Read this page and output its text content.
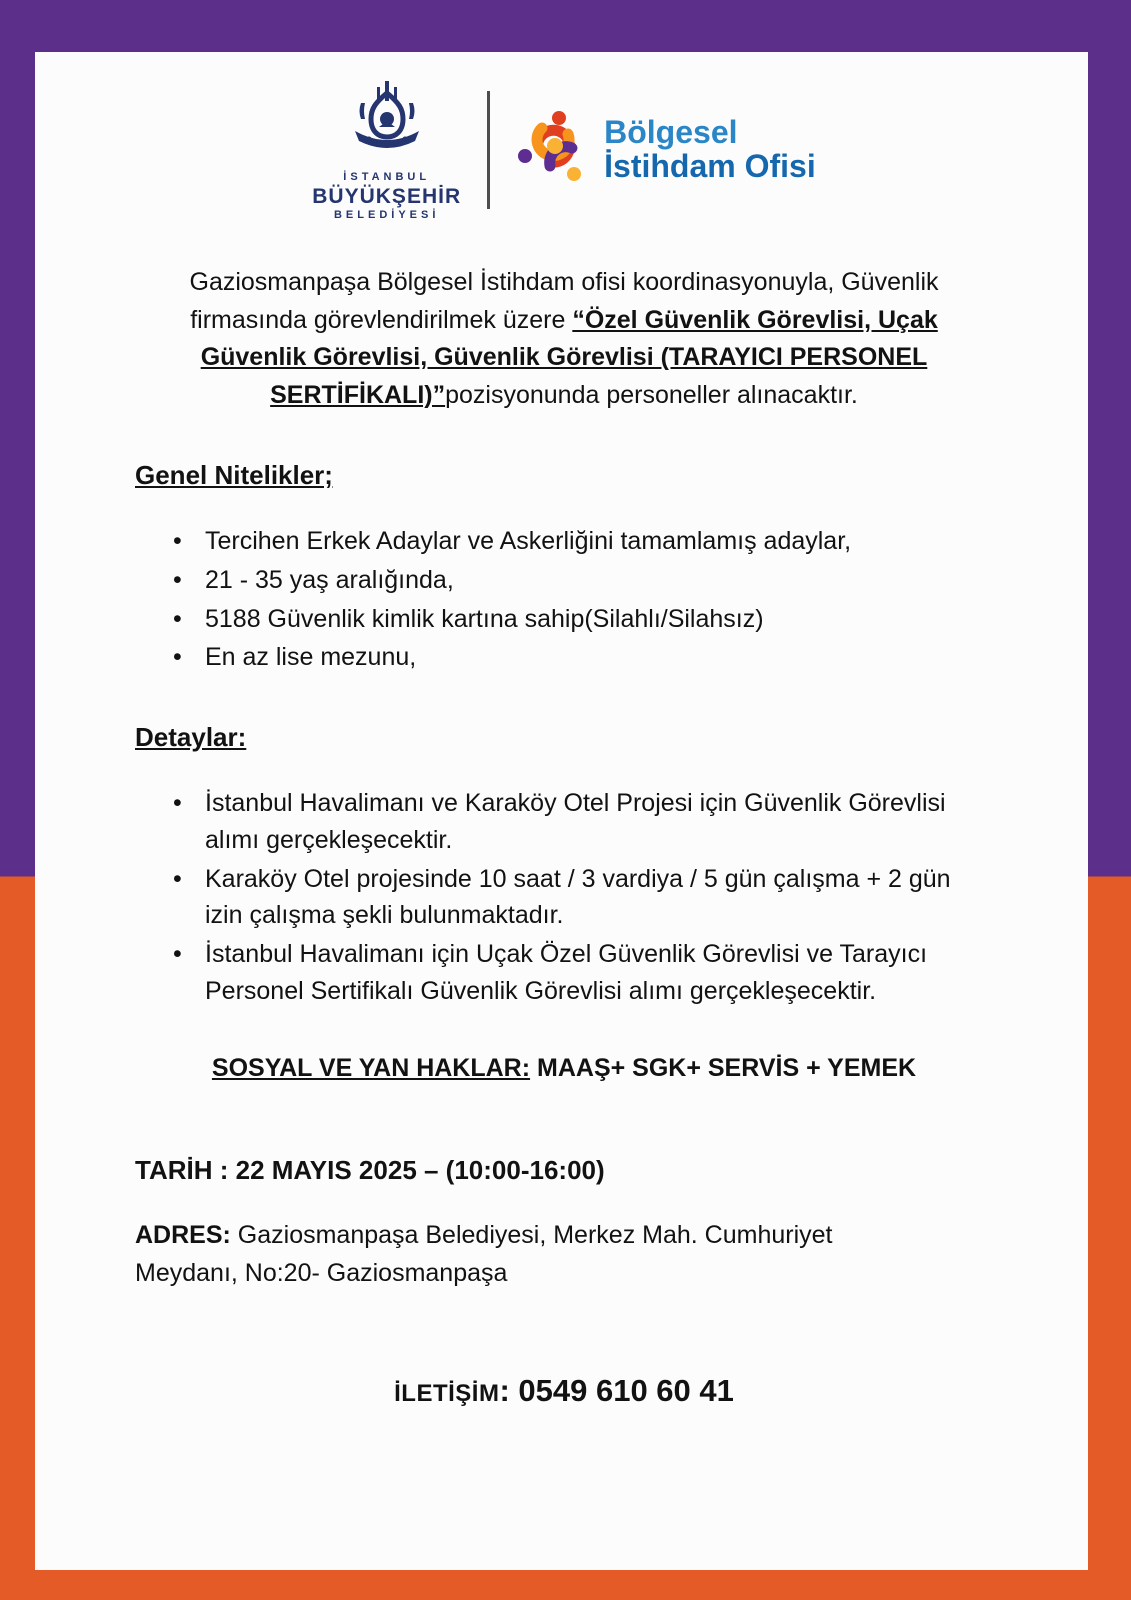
İSTANBUL
BÜYÜKŞEHİR
BELEDİYESİ
Bölgesel
İstihdam Ofisi

Gaziosmanpaşa Bölgesel İstihdam ofisi koordinasyonuyla, Güvenlik firmasında görevlendirilmek üzere “Özel Güvenlik Görevlisi, Uçak Güvenlik Görevlisi, Güvenlik Görevlisi (TARAYICI PERSONEL SERTİFİKALI)”pozisyonunda personeller alınacaktır.

Genel Nitelikler;
• Tercihen Erkek Adaylar ve Askerliğini tamamlamış adaylar,
• 21 - 35 yaş aralığında,
• 5188 Güvenlik kimlik kartına sahip(Silahlı/Silahsız)
• En az lise mezunu,
Detaylar:
• İstanbul Havalimanı ve Karaköy Otel Projesi için Güvenlik Görevlisi alımı gerçekleşecektir.
• Karaköy Otel projesinde 10 saat / 3 vardiya / 5 gün çalışma + 2 gün izin çalışma şekli bulunmaktadır.
• İstanbul Havalimanı için Uçak Özel Güvenlik Görevlisi ve Tarayıcı Personel Sertifikalı Güvenlik Görevlisi alımı gerçekleşecektir.
SOSYAL VE YAN HAKLAR: MAAŞ+ SGK+ SERVİS + YEMEK
TARİH : 22 MAYIS 2025 – (10:00-16:00)
ADRES: Gaziosmanpaşa Belediyesi, Merkez Mah. Cumhuriyet Meydanı, No:20- Gaziosmanpaşa
İLETİŞİM: 0549 610 60 41
